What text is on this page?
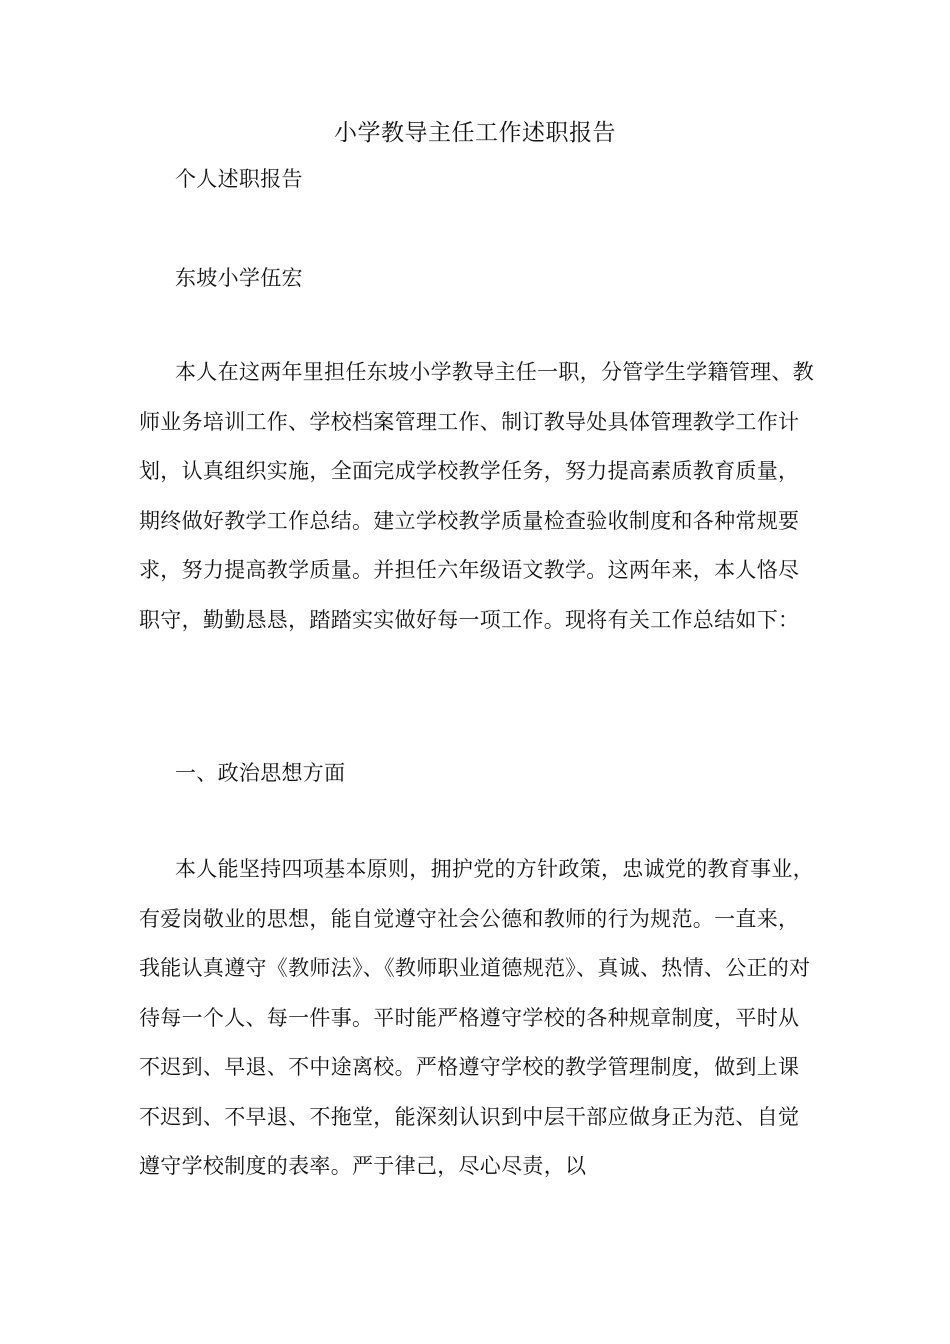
小学教导主任工作述职报告

个人述职报告

东坡小学伍宏

本人在这两年里担任东坡小学教导主任一职，分管学生学籍管理、教师业务培训工作、学校档案管理工作、制订教导处具体管理教学工作计划，认真组织实施，全面完成学校教学任务，努力提高素质教育质量，期终做好教学工作总结。建立学校教学质量检查验收制度和各种常规要求，努力提高教学质量。并担任六年级语文教学。这两年来，本人恪尽职守，勤勤恳恳，踏踏实实做好每一项工作。现将有关工作总结如下：

一、政治思想方面

本人能坚持四项基本原则，拥护党的方针政策，忠诚党的教育事业，有爱岗敬业的思想，能自觉遵守社会公德和教师的行为规范。一直来，我能认真遵守《教师法》、《教师职业道德规范》、真诚、热情、公正的对待每一个人、每一件事。平时能严格遵守学校的各种规章制度，平时从不迟到、早退、不中途离校。严格遵守学校的教学管理制度，做到上课不迟到、不早退、不拖堂，能深刻认识到中层干部应做身正为范、自觉遵守学校制度的表率。严于律己，尽心尽责，以
